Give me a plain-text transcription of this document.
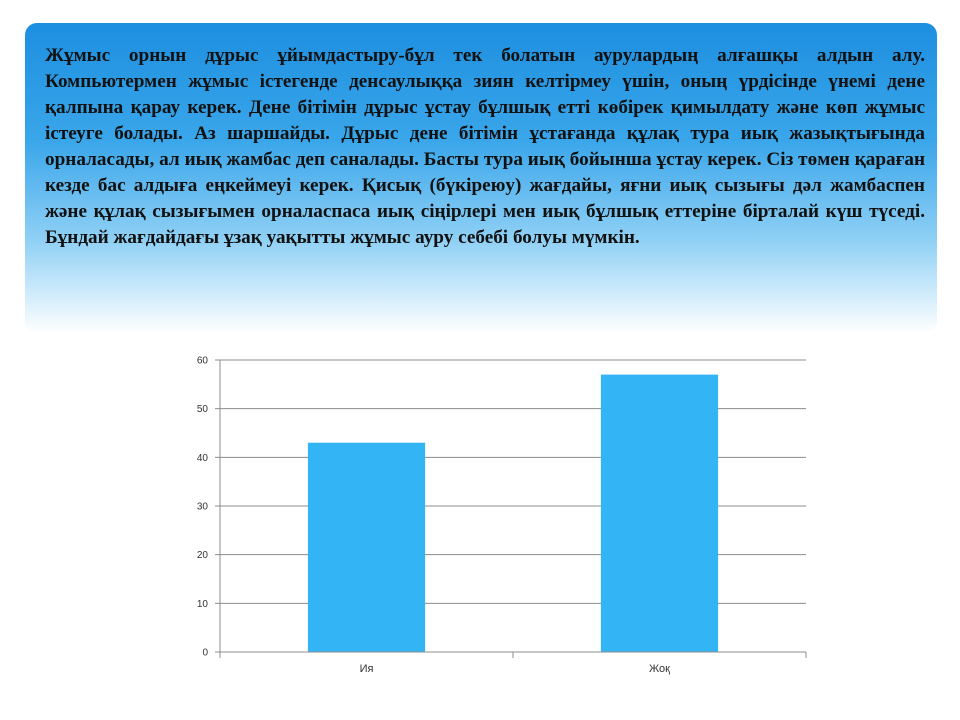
Жұмыс орнын дұрыс ұйымдастыру-бұл тек болатын аурулардың алғашқы алдын алу. Компьютермен жұмыс істегенде денсаулыққа зиян келтірмеу үшін, оның үрдісінде үнемі дене қалпына қарау керек. Дене бітімін дұрыс ұстау бұлшық етті көбірек қимылдату және көп жұмыс істеуге болады. Аз шаршайды. Дұрыс дене бітімін ұстағанда құлақ тура иық жазықтығында орналасады, ал иық жамбас деп саналады. Басты тура иық бойынша ұстау керек. Сіз төмен қараған кезде бас алдыға еңкеймеуі керек. Қисық (бүкіреюу) жағдайы, яғни иық сызығы дәл жамбаспен және құлақ сызығымен орналаспаса иық сіңірлері мен иық бұлшық еттеріне бірталай күш түседі. Бұндай жағдайдағы ұзақ уақытты жұмыс ауру себебі болуы мүмкін.

0
10
20
30
40
50
60
Ия	Жоқ
